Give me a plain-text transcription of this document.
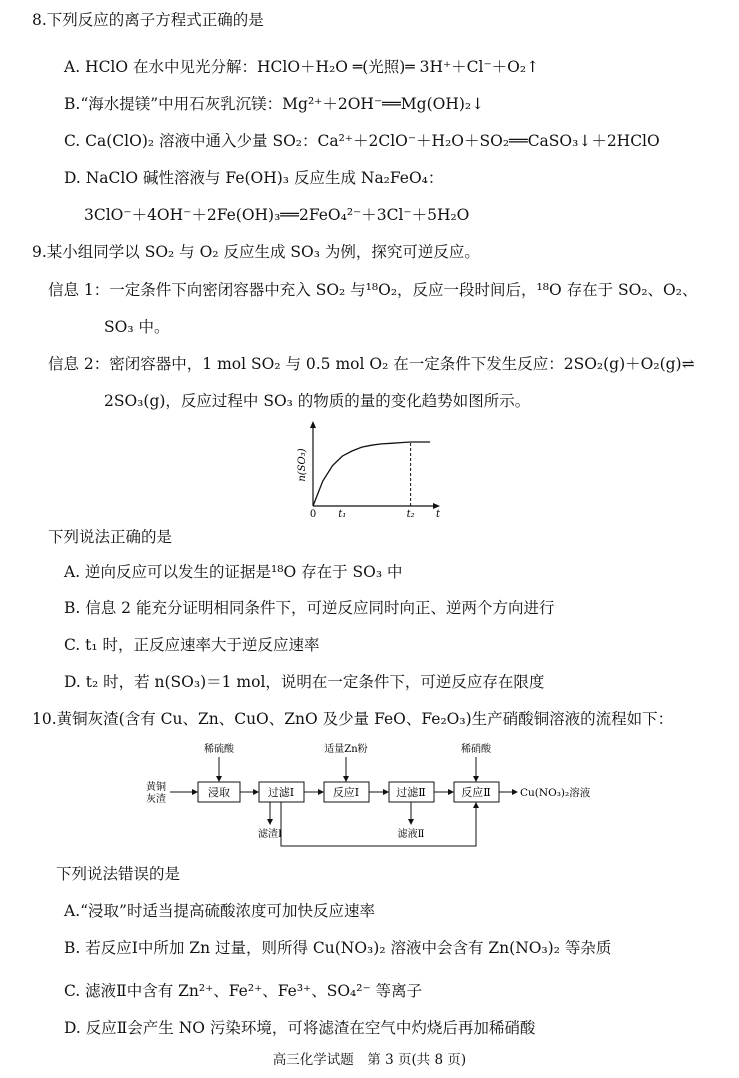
8.下列反应的离子方程式正确的是
A. HClO 在水中见光分解：HClO＋H₂O ═(光照)═ 3H⁺＋Cl⁻＋O₂↑
B.“海水提镁”中用石灰乳沉镁：Mg²⁺＋2OH⁻══Mg(OH)₂↓
C. Ca(ClO)₂ 溶液中通入少量 SO₂：Ca²⁺＋2ClO⁻＋H₂O＋SO₂══CaSO₃↓＋2HClO
D. NaClO 碱性溶液与 Fe(OH)₃ 反应生成 Na₂FeO₄：
3ClO⁻＋4OH⁻＋2Fe(OH)₃══2FeO₄²⁻＋3Cl⁻＋5H₂O
9.某小组同学以 SO₂ 与 O₂ 反应生成 SO₃ 为例，探究可逆反应。
信息 1：一定条件下向密闭容器中充入 SO₂ 与¹⁸O₂，反应一段时间后，¹⁸O 存在于 SO₂、O₂、
SO₃ 中。
信息 2：密闭容器中，1 mol SO₂ 与 0.5 mol O₂ 在一定条件下发生反应：2SO₂(g)＋O₂(g)⇌
2SO₃(g)，反应过程中 SO₃ 的物质的量的变化趋势如图所示。
n(SO₃)
0 t₁	t₂ t
下列说法正确的是
A. 逆向反应可以发生的证据是¹⁸O 存在于 SO₃ 中
B. 信息 2 能充分证明相同条件下，可逆反应同时向正、逆两个方向进行
C. t₁ 时，正反应速率大于逆反应速率
D. t₂ 时，若 n(SO₃)＝1 mol，说明在一定条件下，可逆反应存在限度
10.黄铜灰渣(含有 Cu、Zn、CuO、ZnO 及少量 FeO、Fe₂O₃)生产硝酸铜溶液的流程如下：
黄铜
灰渣
浸取	过滤Ⅰ	反应Ⅰ	过滤Ⅱ	反应Ⅱ	Cu(NO₃)₂溶液
稀硫酸	适量Zn粉	稀硝酸
滤渣Ⅰ	滤液Ⅱ
下列说法错误的是
A.“浸取”时适当提高硫酸浓度可加快反应速率
B. 若反应Ⅰ中所加 Zn 过量，则所得 Cu(NO₃)₂ 溶液中会含有 Zn(NO₃)₂ 等杂质
C. 滤液Ⅱ中含有 Zn²⁺、Fe²⁺、Fe³⁺、SO₄²⁻ 等离子
D. 反应Ⅱ会产生 NO 污染环境，可将滤渣在空气中灼烧后再加稀硝酸
高三化学试题　第 3 页(共 8 页)
